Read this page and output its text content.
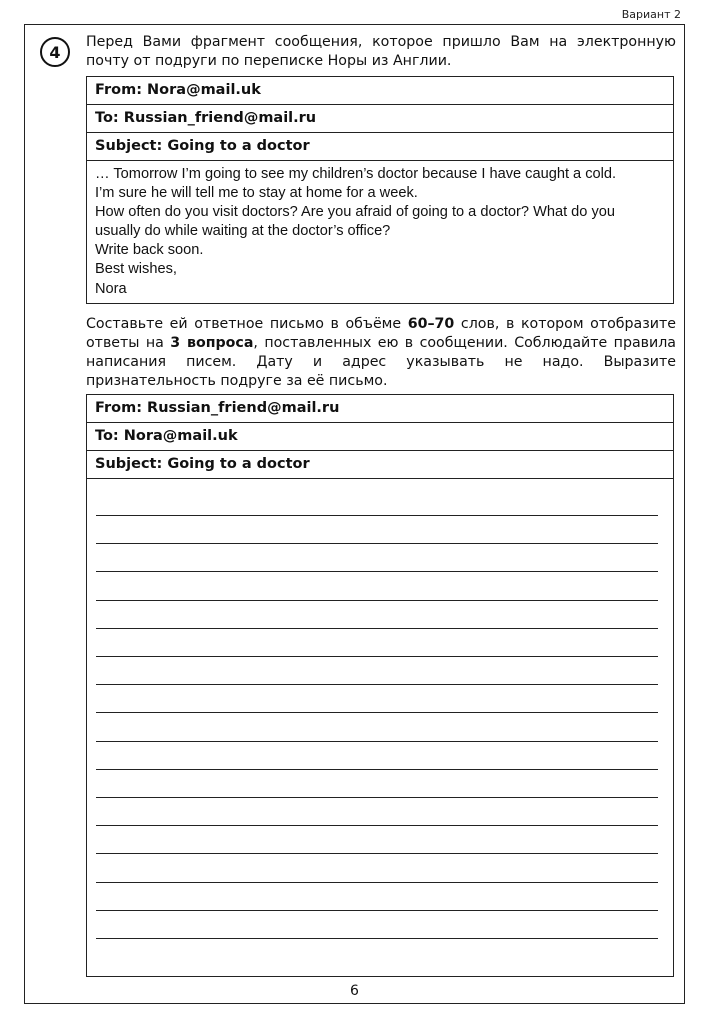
Вариант 2
4
Перед Вами фрагмент сообщения, которое пришло Вам на электронную почту от подруги по переписке Норы из Англии.
From: Nora@mail.uk
To: Russian_friend@mail.ru
Subject: Going to a doctor
… Tomorrow I’m going to see my children’s doctor because I have caught a cold.
I’m sure he will tell me to stay at home for a week.
How often do you visit doctors? Are you afraid of going to a doctor? What do you
usually do while waiting at the doctor’s office?
Write back soon.
Best wishes,
Nora
Составьте ей ответное письмо в объёме 60–70 слов, в котором отобразите ответы на 3 вопроса, поставленных ею в сообщении. Соблюдайте правила написания писем. Дату и адрес указывать не надо. Выразите признательность подруге за её письмо.
From: Russian_friend@mail.ru
To: Nora@mail.uk
Subject: Going to a doctor
6
